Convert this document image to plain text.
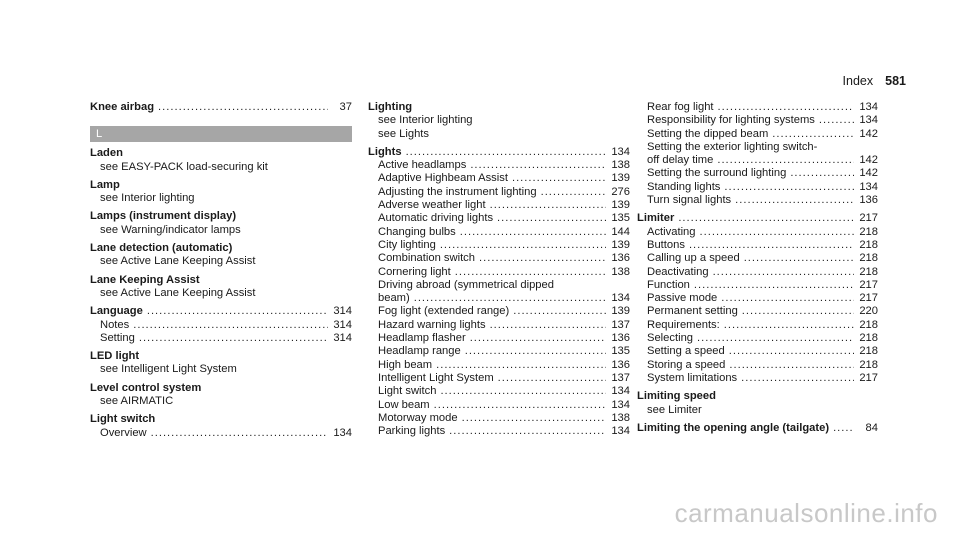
Index 581
Knee airbag .....	37
L
Laden
see EASY-PACK load-securing kit
Lamp
see Interior lighting
Lamps (instrument display)
see Warning/indicator lamps
Lane detection (automatic)
see Active Lane Keeping Assist
Lane Keeping Assist
see Active Lane Keeping Assist
Language .....	314
Notes .....	314
Setting .....	314
LED light
see Intelligent Light System
Level control system
see AIRMATIC
Light switch
Overview .....	134
Lighting
see Interior lighting
see Lights
Lights .....	134
Active headlamps .....	138
Adaptive Highbeam Assist .....	139
Adjusting the instrument lighting .....	276
Adverse weather light .....	139
Automatic driving lights .....	135
Changing bulbs .....	144
City lighting .....	139
Combination switch .....	136
Cornering light .....	138
Driving abroad (symmetrical dipped
beam) .....	134
Fog light (extended range) .....	139
Hazard warning lights .....	137
Headlamp flasher .....	136
Headlamp range .....	135
High beam .....	136
Intelligent Light System .....	137
Light switch .....	134
Low beam .....	134
Motorway mode .....	138
Parking lights .....	134
Rear fog light .....	134
Responsibility for lighting systems .....	134
Setting the dipped beam .....	142
Setting the exterior lighting switch-
off delay time .....	142
Setting the surround lighting .....	142
Standing lights .....	134
Turn signal lights .....	136
Limiter .....	217
Activating .....	218
Buttons .....	218
Calling up a speed .....	218
Deactivating .....	218
Function .....	217
Passive mode .....	217
Permanent setting .....	220
Requirements: .....	218
Selecting .....	218
Setting a speed .....	218
Storing a speed .....	218
System limitations .....	217
Limiting speed
see Limiter
Limiting the opening angle (tailgate) .....	84
carmanualsonline.info
